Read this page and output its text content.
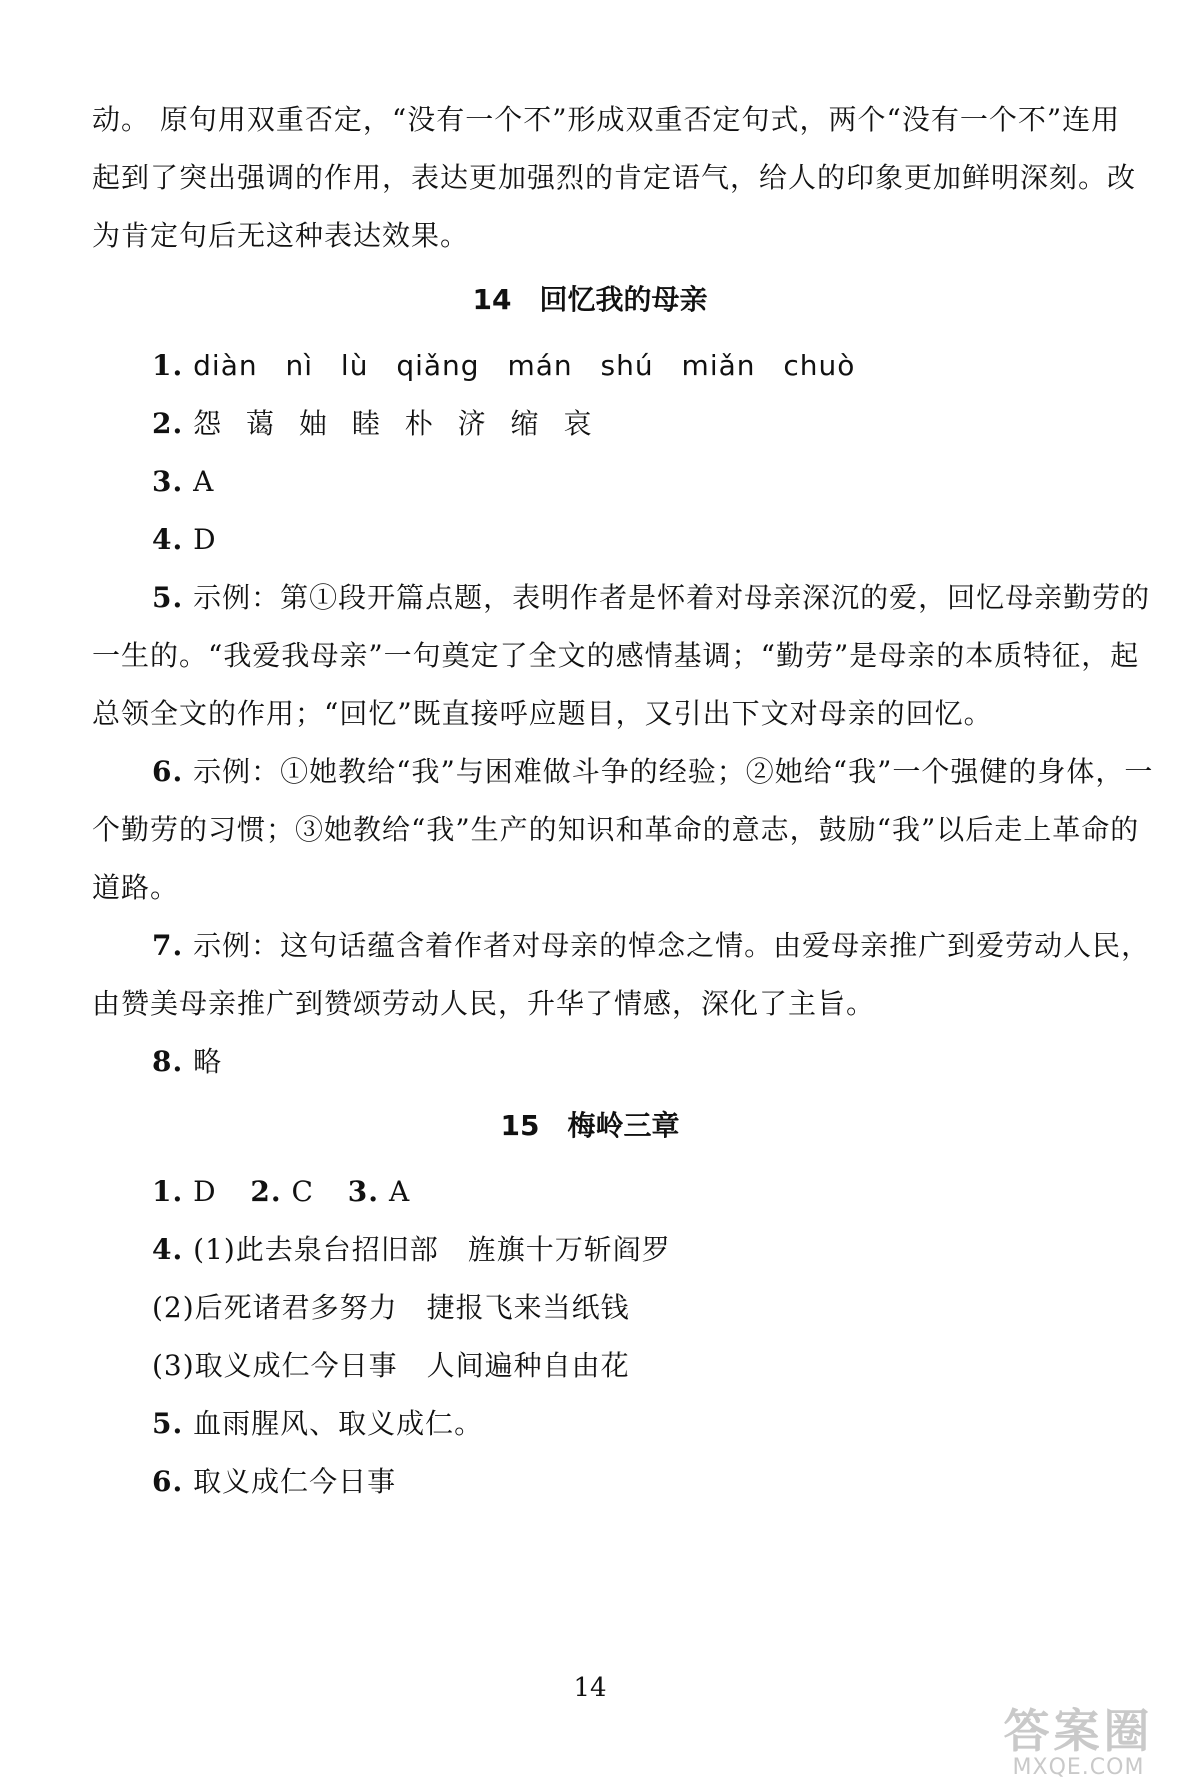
动。 原句用双重否定，“没有一个不”形成双重否定句式，两个“没有一个不”连用
起到了突出强调的作用，表达更加强烈的肯定语气，给人的印象更加鲜明深刻。改
为肯定句后无这种表达效果。
14　回忆我的母亲
1. diàn nì lù qiǎng mán shú miǎn chuò
2. 怨 蔼 妯 睦 朴 济 缩 哀
3. A
4. D
5. 示例：第①段开篇点题，表明作者是怀着对母亲深沉的爱，回忆母亲勤劳的
一生的。“我爱我母亲”一句奠定了全文的感情基调；“勤劳”是母亲的本质特征，起
总领全文的作用；“回忆”既直接呼应题目，又引出下文对母亲的回忆。
6. 示例：①她教给“我”与困难做斗争的经验；②她给“我”一个强健的身体，一
个勤劳的习惯；③她教给“我”生产的知识和革命的意志，鼓励“我”以后走上革命的
道路。
7. 示例：这句话蕴含着作者对母亲的悼念之情。由爱母亲推广到爱劳动人民，
由赞美母亲推广到赞颂劳动人民，升华了情感，深化了主旨。
8. 略
15　梅岭三章
1. D 2. C 3. A
4. (1)此去泉台招旧部　旌旗十万斩阎罗
(2)后死诸君多努力　捷报飞来当纸钱
(3)取义成仁今日事　人间遍种自由花
5. 血雨腥风、取义成仁。
6. 取义成仁今日事
14
答案圈
MXQE.COM
